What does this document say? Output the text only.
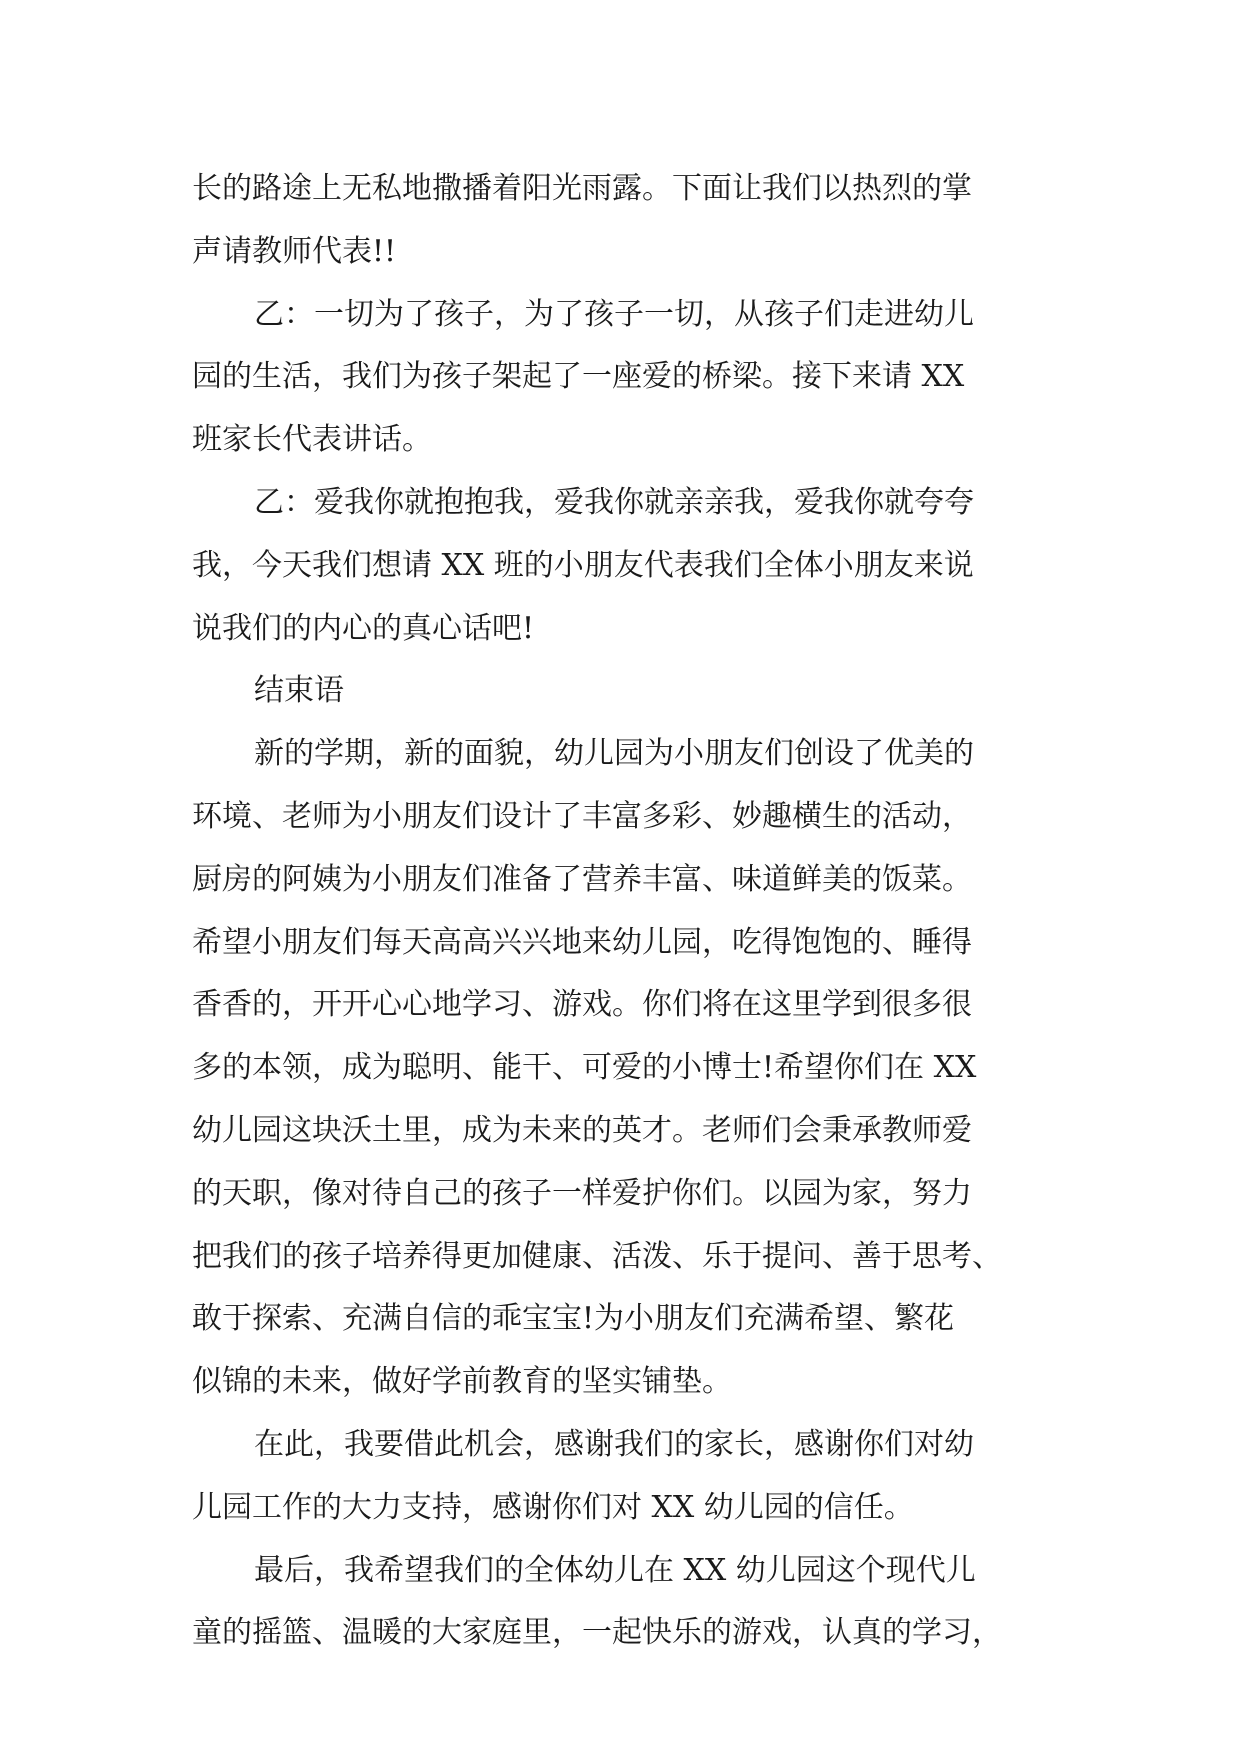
长的路途上无私地撒播着阳光雨露。下面让我们以热烈的掌
声请教师代表!!
乙：一切为了孩子，为了孩子一切，从孩子们走进幼儿
园的生活，我们为孩子架起了一座爱的桥梁。接下来请 XX
班家长代表讲话。
乙：爱我你就抱抱我，爱我你就亲亲我，爱我你就夸夸
我，今天我们想请 XX 班的小朋友代表我们全体小朋友来说
说我们的内心的真心话吧!
结束语
新的学期，新的面貌，幼儿园为小朋友们创设了优美的
环境、老师为小朋友们设计了丰富多彩、妙趣横生的活动，
厨房的阿姨为小朋友们准备了营养丰富、味道鲜美的饭菜。
希望小朋友们每天高高兴兴地来幼儿园，吃得饱饱的、睡得
香香的，开开心心地学习、游戏。你们将在这里学到很多很
多的本领，成为聪明、能干、可爱的小博士!希望你们在 XX
幼儿园这块沃土里，成为未来的英才。老师们会秉承教师爱
的天职，像对待自己的孩子一样爱护你们。以园为家，努力
把我们的孩子培养得更加健康、活泼、乐于提问、善于思考、
敢于探索、充满自信的乖宝宝!为小朋友们充满希望、繁花
似锦的未来，做好学前教育的坚实铺垫。
在此，我要借此机会，感谢我们的家长，感谢你们对幼
儿园工作的大力支持，感谢你们对 XX 幼儿园的信任。
最后，我希望我们的全体幼儿在 XX 幼儿园这个现代儿
童的摇篮、温暖的大家庭里，一起快乐的游戏，认真的学习，
